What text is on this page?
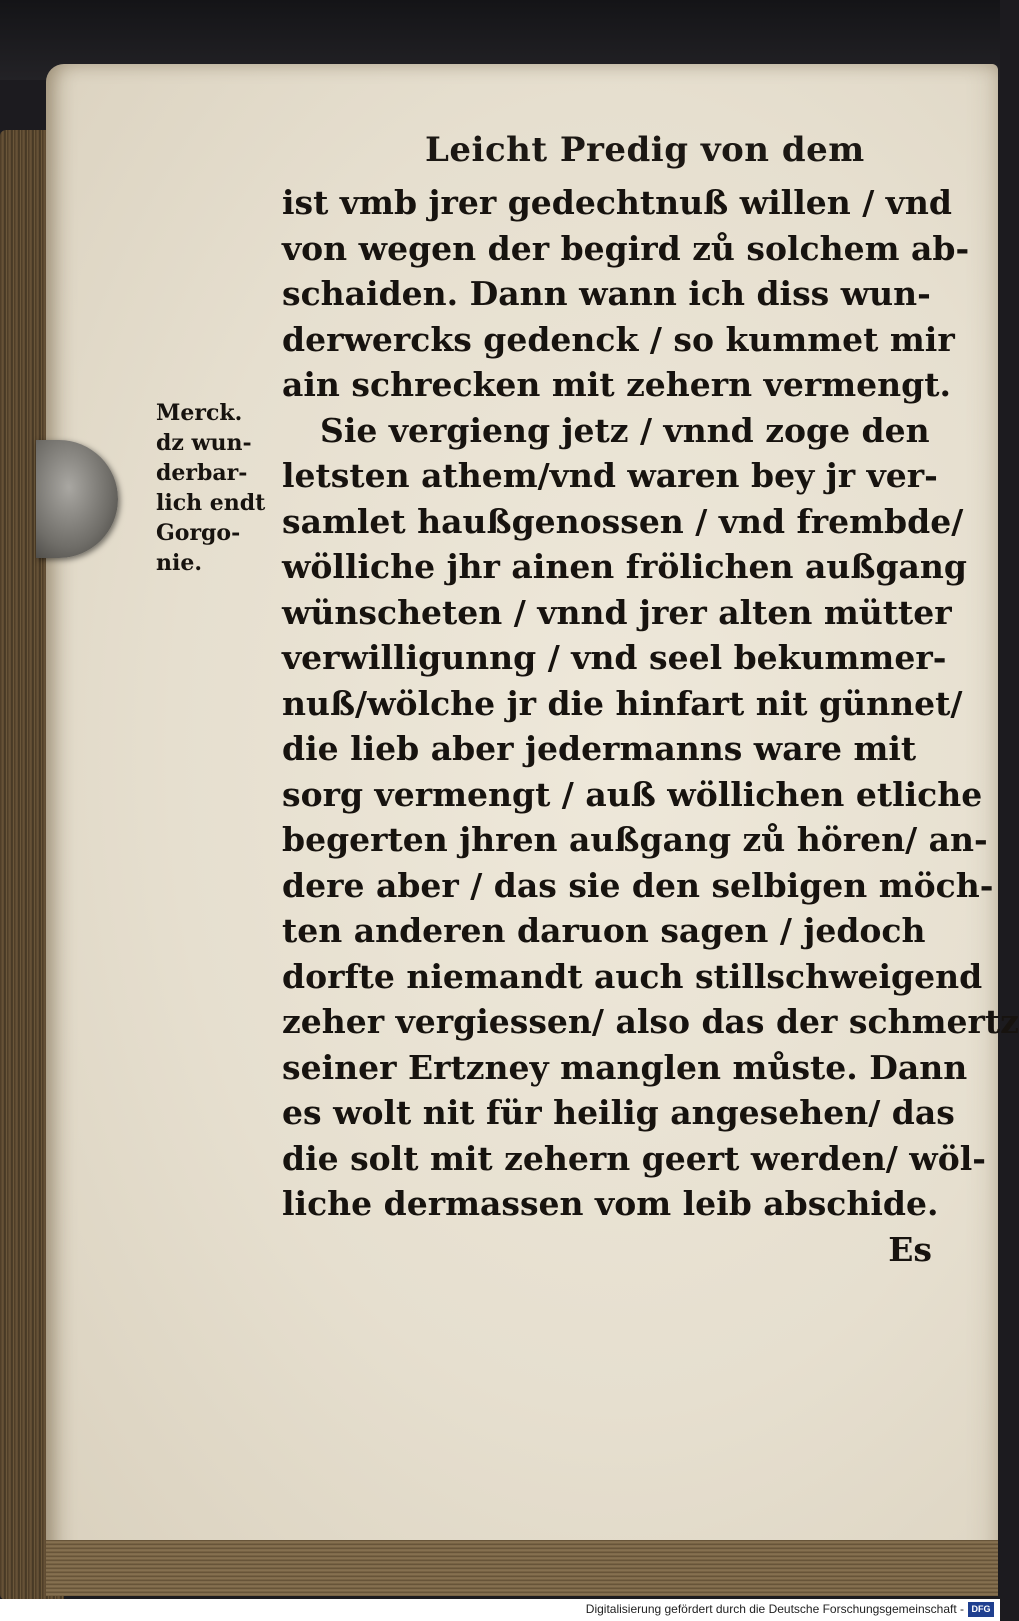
Leicht Predig von dem
Merck.
dz wun-
derbar-
lich endt
Gorgo-
nie.
ist vmb jrer gedechtnuß willen / vnd
von wegen der begird zů solchem ab-
schaiden. Dann wann ich diss wun-
derwercks gedenck / so kummet mir
ain schrecken mit zehern vermengt.
Sie vergieng jetz / vnnd zoge den
letsten athem/vnd waren bey jr ver-
samlet haußgenossen / vnd frembde/
wölliche jhr ainen frölichen außgang
wünscheten / vnnd jrer alten mütter
verwilligunng / vnd seel bekummer-
nuß/wölche jr die hinfart nit günnet/
die lieb aber jedermanns ware mit
sorg vermengt / auß wöllichen etliche
begerten jhren außgang zů hören/ an-
dere aber / das sie den selbigen möch-
ten anderen daruon sagen / jedoch
dorfte niemandt auch stillschweigend
zeher vergiessen/ also das der schmertz
seiner Ertzney manglen můste. Dann
es wolt nit für heilig angesehen/ das
die solt mit zehern geert werden/ wöl-
liche dermassen vom leib abschide.
Es
Digitalisierung gefördert durch die Deutsche Forschungsgemeinschaft - DFG
